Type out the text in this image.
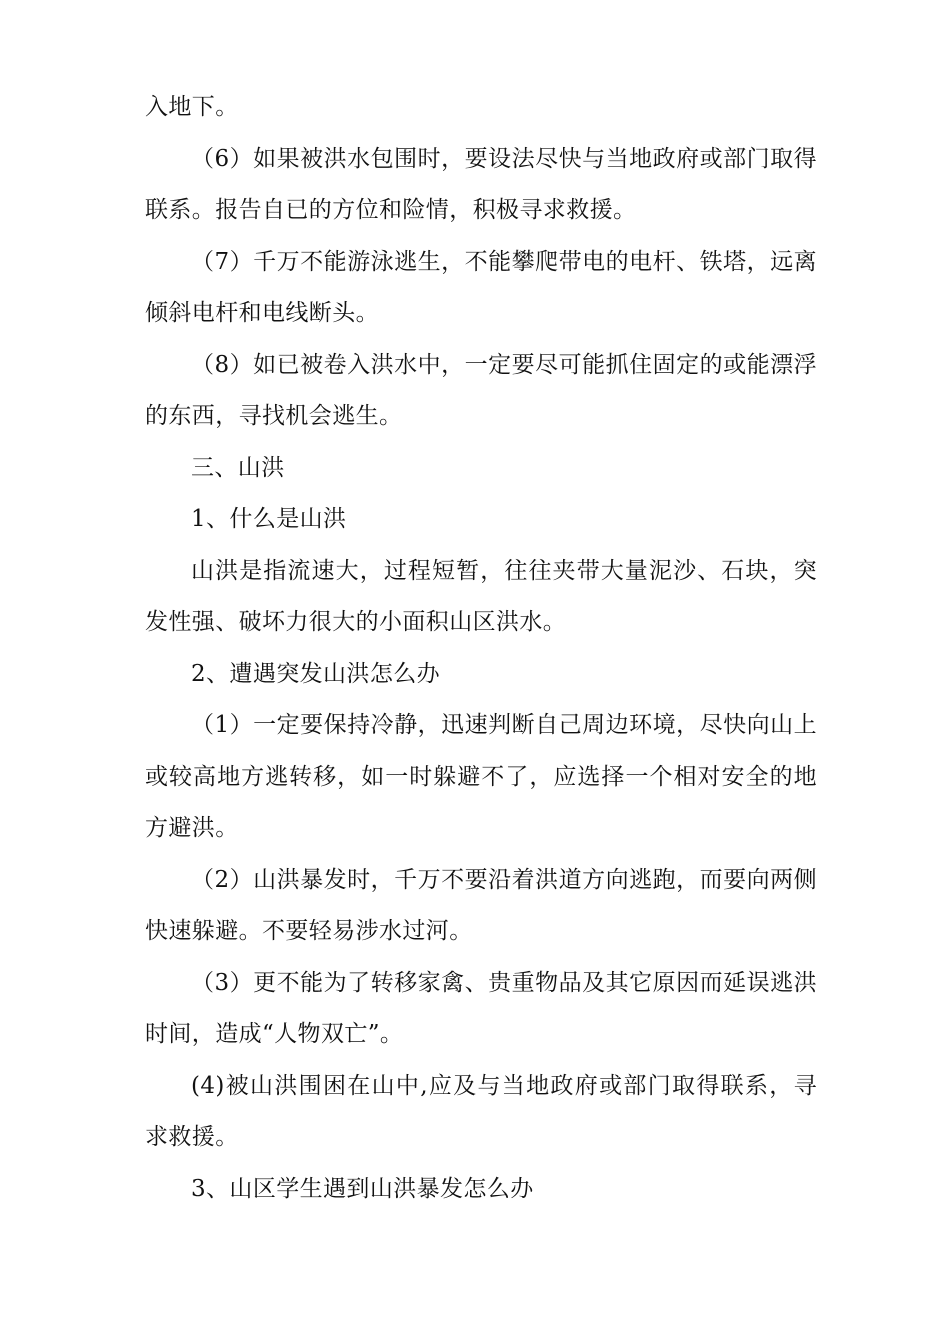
入地下。

（6）如果被洪水包围时，要设法尽快与当地政府或部门取得联系。报告自已的方位和险情，积极寻求救援。

（7）千万不能游泳逃生，不能攀爬带电的电杆、铁塔，远离倾斜电杆和电线断头。

（8）如已被卷入洪水中，一定要尽可能抓住固定的或能漂浮的东西，寻找机会逃生。

三、山洪

1、什么是山洪

山洪是指流速大，过程短暂，往往夹带大量泥沙、石块，突发性强、破坏力很大的小面积山区洪水。

2、遭遇突发山洪怎么办

（1）一定要保持冷静，迅速判断自己周边环境，尽快向山上或较高地方逃转移，如一时躲避不了，应选择一个相对安全的地方避洪。

（2）山洪暴发时，千万不要沿着洪道方向逃跑，而要向两侧快速躲避。不要轻易涉水过河。

（3）更不能为了转移家禽、贵重物品及其它原因而延误逃洪时间，造成“人物双亡”。

(4)被山洪围困在山中,应及与当地政府或部门取得联系，寻求救援。

3、山区学生遇到山洪暴发怎么办
